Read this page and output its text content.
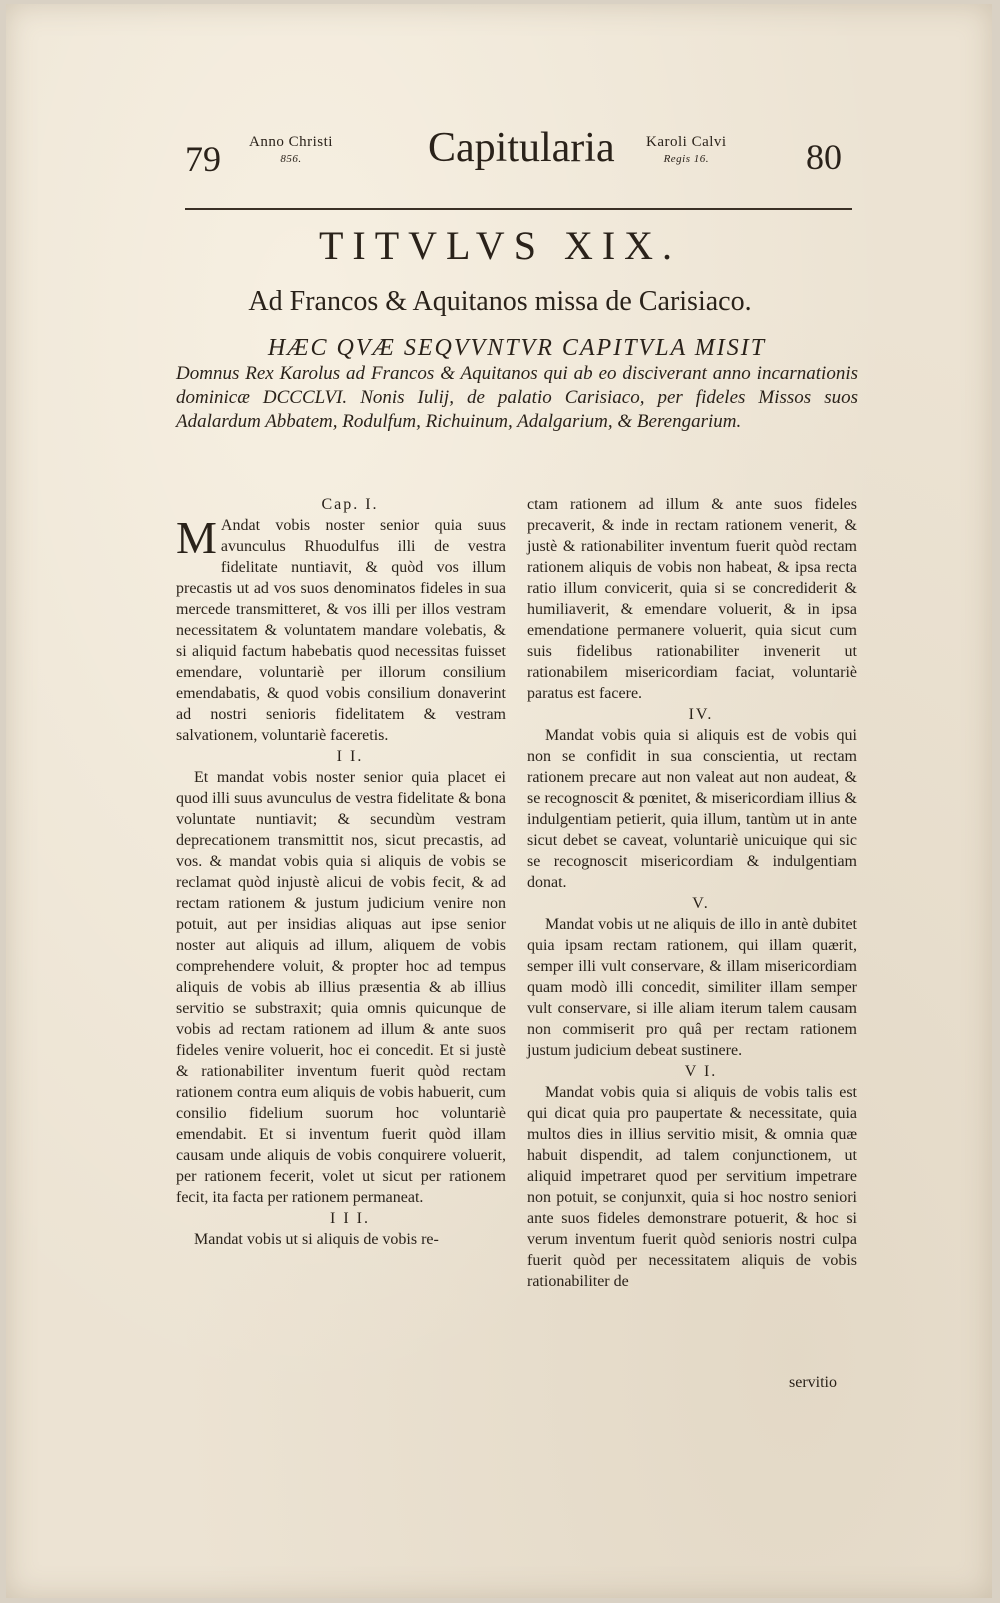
79 Anno Christi
856.	Capitularia Karoli Calvi
Regis 16.	80
TITVLVS XIX.
Ad Francos & Aquitanos missa de Carisiaco.
HÆC QVÆ SEQVVNTVR CAPITVLA MISIT
Domnus Rex Karolus ad Francos & Aquitanos qui ab eo disciverant anno incarnationis dominicæ DCCCLVI. Nonis Iulij, de palatio Carisiaco, per fideles Missos suos Adalardum Abbatem, Rodulfum, Richuinum, Adalgarium, & Berengarium.

Cap. I.

M Andat vobis noster senior quia suus avunculus Rhuodulfus illi de vestra fidelitate nuntiavit, & quòd vos illum precastis ut ad vos suos denominatos fideles in sua mercede transmitteret, & vos illi per illos vestram necessitatem & voluntatem mandare volebatis, & si aliquid factum habebatis quod necessitas fuisset emendare, voluntariè per illorum consilium emendabatis, & quod vobis consilium donaverint ad nostri senioris fidelitatem & vestram salvationem, voluntariè faceretis.

I I.

Et mandat vobis noster senior quia placet ei quod illi suus avunculus de vestra fidelitate & bona voluntate nuntiavit; & secundùm vestram deprecationem transmittit nos, sicut precastis, ad vos. & mandat vobis quia si aliquis de vobis se reclamat quòd injustè alicui de vobis fecit, & ad rectam rationem & justum judicium venire non potuit, aut per insidias aliquas aut ipse senior noster aut aliquis ad illum, aliquem de vobis comprehendere voluit, & propter hoc ad tempus aliquis de vobis ab illius præsentia & ab illius servitio se substraxit; quia omnis quicunque de vobis ad rectam rationem ad illum & ante suos fideles venire voluerit, hoc ei concedit. Et si justè & rationabiliter inventum fuerit quòd rectam rationem contra eum aliquis de vobis habuerit, cum consilio fidelium suorum hoc voluntariè emendabit. Et si inventum fuerit quòd illam causam unde aliquis de vobis conquirere voluerit, per rationem fecerit, volet ut sicut per rationem fecit, ita facta per rationem permaneat.

I I I.

Mandat vobis ut si aliquis de vobis re-

ctam rationem ad illum & ante suos fideles precaverit, & inde in rectam rationem venerit, & justè & rationabiliter inventum fuerit quòd rectam rationem aliquis de vobis non habeat, & ipsa recta ratio illum convicerit, quia si se concrediderit & humiliaverit, & emendare voluerit, & in ipsa emendatione permanere voluerit, quia sicut cum suis fidelibus rationabiliter invenerit ut rationabilem misericordiam faciat, voluntariè paratus est facere.

IV.

Mandat vobis quia si aliquis est de vobis qui non se confidit in sua conscientia, ut rectam rationem precare aut non valeat aut non audeat, & se recognoscit & pœnitet, & misericordiam illius & indulgentiam petierit, quia illum, tantùm ut in ante sicut debet se caveat, voluntariè unicuique qui sic se recognoscit misericordiam & indulgentiam donat.

V.

Mandat vobis ut ne aliquis de illo in antè dubitet quia ipsam rectam rationem, qui illam quærit, semper illi vult conservare, & illam misericordiam quam modò illi concedit, similiter illam semper vult conservare, si ille aliam iterum talem causam non commiserit pro quâ per rectam rationem justum judicium debeat sustinere.

V I.

Mandat vobis quia si aliquis de vobis talis est qui dicat quia pro paupertate & necessitate, quia multos dies in illius servitio misit, & omnia quæ habuit dispendit, ad talem conjunctionem, ut aliquid impetraret quod per servitium impetrare non potuit, se conjunxit, quia si hoc nostro seniori ante suos fideles demonstrare potuerit, & hoc si verum inventum fuerit quòd senioris nostri culpa fuerit quòd per necessitatem aliquis de vobis rationabiliter de

servitio
